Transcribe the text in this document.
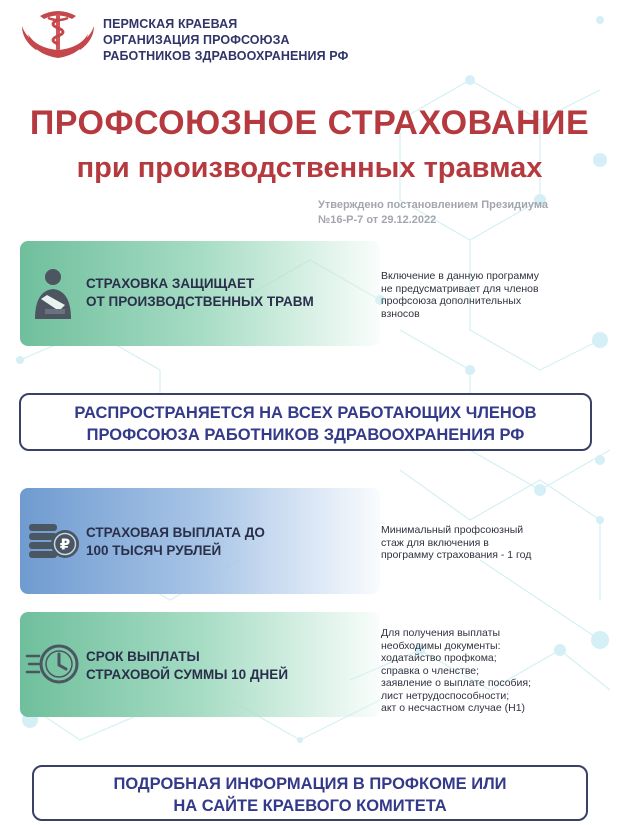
ПЕРМСКАЯ КРАЕВАЯ
ОРГАНИЗАЦИЯ ПРОФСОЮЗА
РАБОТНИКОВ ЗДРАВООХРАНЕНИЯ РФ
ПРОФСОЮЗНОЕ СТРАХОВАНИЕ
при производственных травмах
Утверждено постановлением Президиума
№16-Р-7 от 29.12.2022
СТРАХОВКА ЗАЩИЩАЕТ
ОТ ПРОИЗВОДСТВЕННЫХ ТРАВМ
Включение в данную программу
не предусматривает для членов
профсоюза дополнительных
взносов
РАСПРОСТРАНЯЕТСЯ НА ВСЕХ РАБОТАЮЩИХ ЧЛЕНОВ
ПРОФСОЮЗА РАБОТНИКОВ ЗДРАВООХРАНЕНИЯ РФ
₽
СТРАХОВАЯ ВЫПЛАТА ДО
100 ТЫСЯЧ РУБЛЕЙ
Минимальный профсоюзный
стаж для включения в
программу страхования - 1 год
СРОК ВЫПЛАТЫ
СТРАХОВОЙ СУММЫ 10 ДНЕЙ
Для получения выплаты
необходимы документы:
ходатайство профкома;
справка о членстве;
заявление о выплате пособия;
лист нетрудоспособности;
акт о несчастном случае (Н1)
ПОДРОБНАЯ ИНФОРМАЦИЯ В ПРОФКОМЕ ИЛИ
НА САЙТЕ КРАЕВОГО КОМИТЕТА
